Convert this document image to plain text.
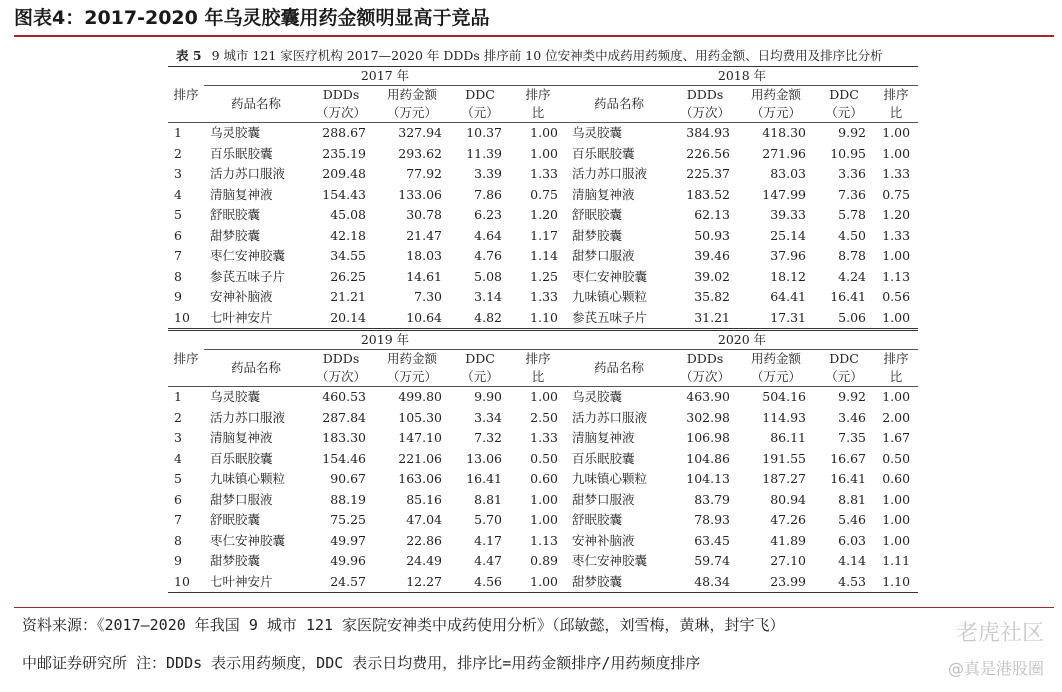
图表4：2017-2020 年乌灵胶囊用药金额明显高于竞品
表 5 9 城市 121 家医疗机构 2017—2020 年 DDDs 排序前 10 位安神类中成药用药频度、用药金额、日均费用及排序比分析
排序	2017 年					2018 年				
	药品名称	DDDs	用药金额	DDC	排序	药品名称	DDDs	用药金额	DDC	排序
		（万次）	（万元）	（元）	比		（万次）	（万元）	（元）	比
1	乌灵胶囊	288.67	327.94	10.37	1.00	乌灵胶囊	384.93	418.30	9.92	1.00
2	百乐眠胶囊	235.19	293.62	11.39	1.00	百乐眠胶囊	226.56	271.96	10.95	1.00
3	活力苏口服液	209.48	77.92	3.39	1.33	活力苏口服液	225.37	83.03	3.36	1.33
4	清脑复神液	154.43	133.06	7.86	0.75	清脑复神液	183.52	147.99	7.36	0.75
5	舒眠胶囊	45.08	30.78	6.23	1.20	舒眠胶囊	62.13	39.33	5.78	1.20
6	甜梦胶囊	42.18	21.47	4.64	1.17	甜梦胶囊	50.93	25.14	4.50	1.33
7	枣仁安神胶囊	34.55	18.03	4.76	1.14	甜梦口服液	39.46	37.96	8.78	1.00
8	参芪五味子片	26.25	14.61	5.08	1.25	枣仁安神胶囊	39.02	18.12	4.24	1.13
9	安神补脑液	21.21	7.30	3.14	1.33	九味镇心颗粒	35.82	64.41	16.41	0.56
10	七叶神安片	20.14	10.64	4.82	1.10	参芪五味子片	31.21	17.31	5.06	1.00
排序	2019 年					2020 年				
	药品名称	DDDs	用药金额	DDC	排序	药品名称	DDDs	用药金额	DDC	排序
		（万次）	（万元）	（元）	比		（万次）	（万元）	（元）	比
1	乌灵胶囊	460.53	499.80	9.90	1.00	乌灵胶囊	463.90	504.16	9.92	1.00
2	活力苏口服液	287.84	105.30	3.34	2.50	活力苏口服液	302.98	114.93	3.46	2.00
3	清脑复神液	183.30	147.10	7.32	1.33	清脑复神液	106.98	86.11	7.35	1.67
4	百乐眠胶囊	154.46	221.06	13.06	0.50	百乐眠胶囊	104.86	191.55	16.67	0.50
5	九味镇心颗粒	90.67	163.06	16.41	0.60	九味镇心颗粒	104.13	187.27	16.41	0.60
6	甜梦口服液	88.19	85.16	8.81	1.00	甜梦口服液	83.79	80.94	8.81	1.00
7	舒眠胶囊	75.25	47.04	5.70	1.00	舒眠胶囊	78.93	47.26	5.46	1.00
8	枣仁安神胶囊	49.97	22.86	4.17	1.13	安神补脑液	63.45	41.89	6.03	1.00
9	甜梦胶囊	49.96	24.49	4.47	0.89	枣仁安神胶囊	59.74	27.10	4.14	1.11
10	七叶神安片	24.57	12.27	4.56	1.00	甜梦胶囊	48.34	23.99	4.53	1.10
资料来源：《2017—2020 年我国 9 城市 121 家医院安神类中成药使用分析》（邱敏懿，刘雪梅，黄琳，封宇飞）
中邮证券研究所 注：DDDs 表示用药频度，DDC 表示日均费用，排序比=用药金额排序/用药频度排序
老虎社区
@真是港股圈
